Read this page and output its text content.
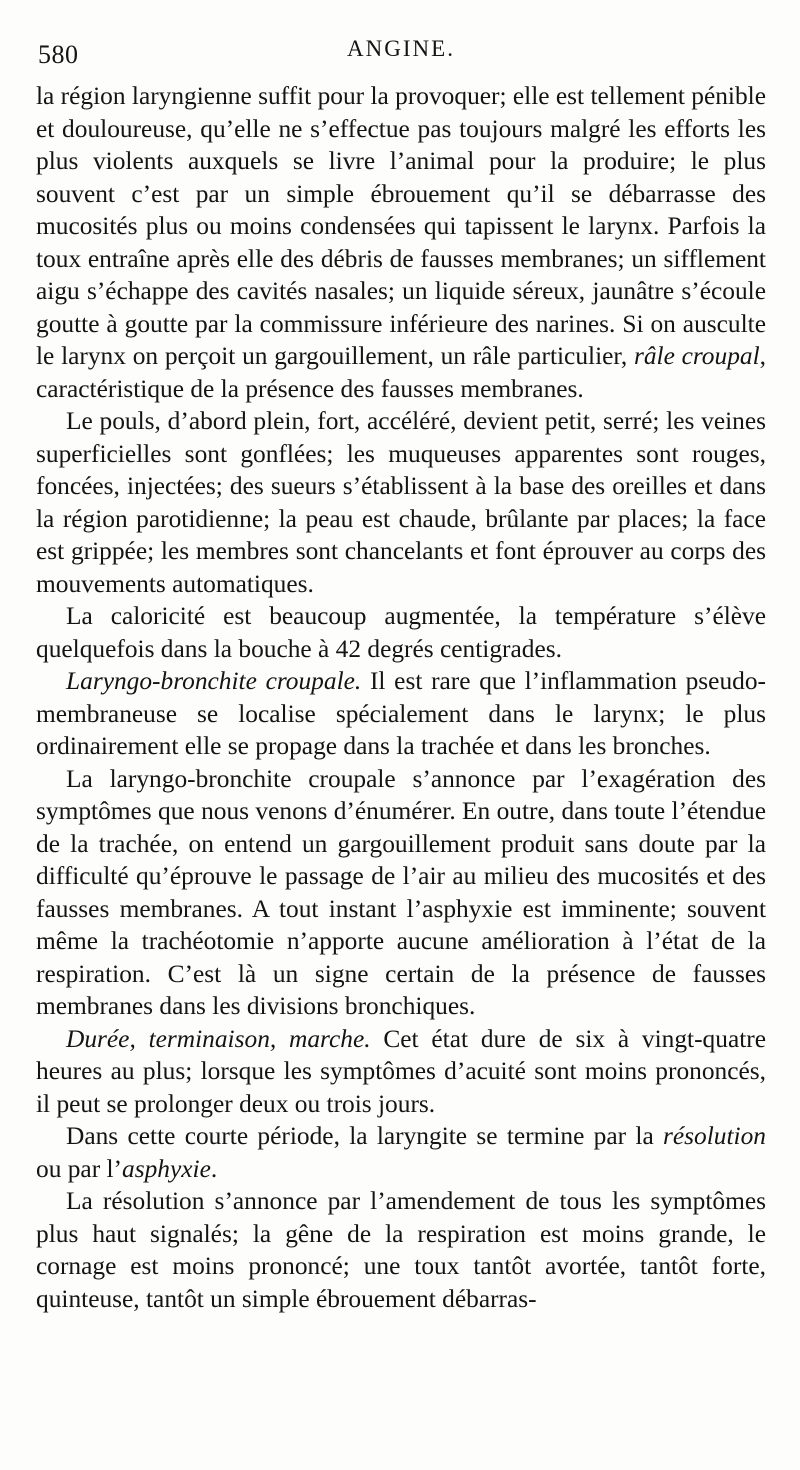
580	ANGINE.

la région laryngienne suffit pour la provoquer; elle est tellement pénible et douloureuse, qu’elle ne s’effectue pas toujours malgré les efforts les plus violents auxquels se livre l’animal pour la produire; le plus souvent c’est par un simple ébrouement qu’il se débarrasse des mucosités plus ou moins condensées qui tapissent le larynx. Parfois la toux entraîne après elle des débris de fausses membranes; un sifflement aigu s’échappe des cavités nasales; un liquide séreux, jaunâtre s’écoule goutte à goutte par la commissure inférieure des narines. Si on ausculte le larynx on perçoit un gargouillement, un râle particulier, râle croupal, caractéristique de la présence des fausses membranes.

Le pouls, d’abord plein, fort, accéléré, devient petit, serré; les veines superficielles sont gonflées; les muqueuses apparentes sont rouges, foncées, injectées; des sueurs s’établissent à la base des oreilles et dans la région parotidienne; la peau est chaude, brûlante par places; la face est grippée; les membres sont chancelants et font éprouver au corps des mouvements automatiques.

La caloricité est beaucoup augmentée, la température s’élève quelquefois dans la bouche à 42 degrés centigrades.

Laryngo-bronchite croupale. Il est rare que l’inflammation pseudo-membraneuse se localise spécialement dans le larynx; le plus ordinairement elle se propage dans la trachée et dans les bronches.

La laryngo-bronchite croupale s’annonce par l’exagération des symptômes que nous venons d’énumérer. En outre, dans toute l’étendue de la trachée, on entend un gargouillement produit sans doute par la difficulté qu’éprouve le passage de l’air au milieu des mucosités et des fausses membranes. A tout instant l’asphyxie est imminente; souvent même la trachéotomie n’apporte aucune amélioration à l’état de la respiration. C’est là un signe certain de la présence de fausses membranes dans les divisions bronchiques.

Durée, terminaison, marche. Cet état dure de six à vingt-quatre heures au plus; lorsque les symptômes d’acuité sont moins prononcés, il peut se prolonger deux ou trois jours.

Dans cette courte période, la laryngite se termine par la résolution ou par l’asphyxie.

La résolution s’annonce par l’amendement de tous les symptômes plus haut signalés; la gêne de la respiration est moins grande, le cornage est moins prononcé; une toux tantôt avortée, tantôt forte, quinteuse, tantôt un simple ébrouement débarras-
